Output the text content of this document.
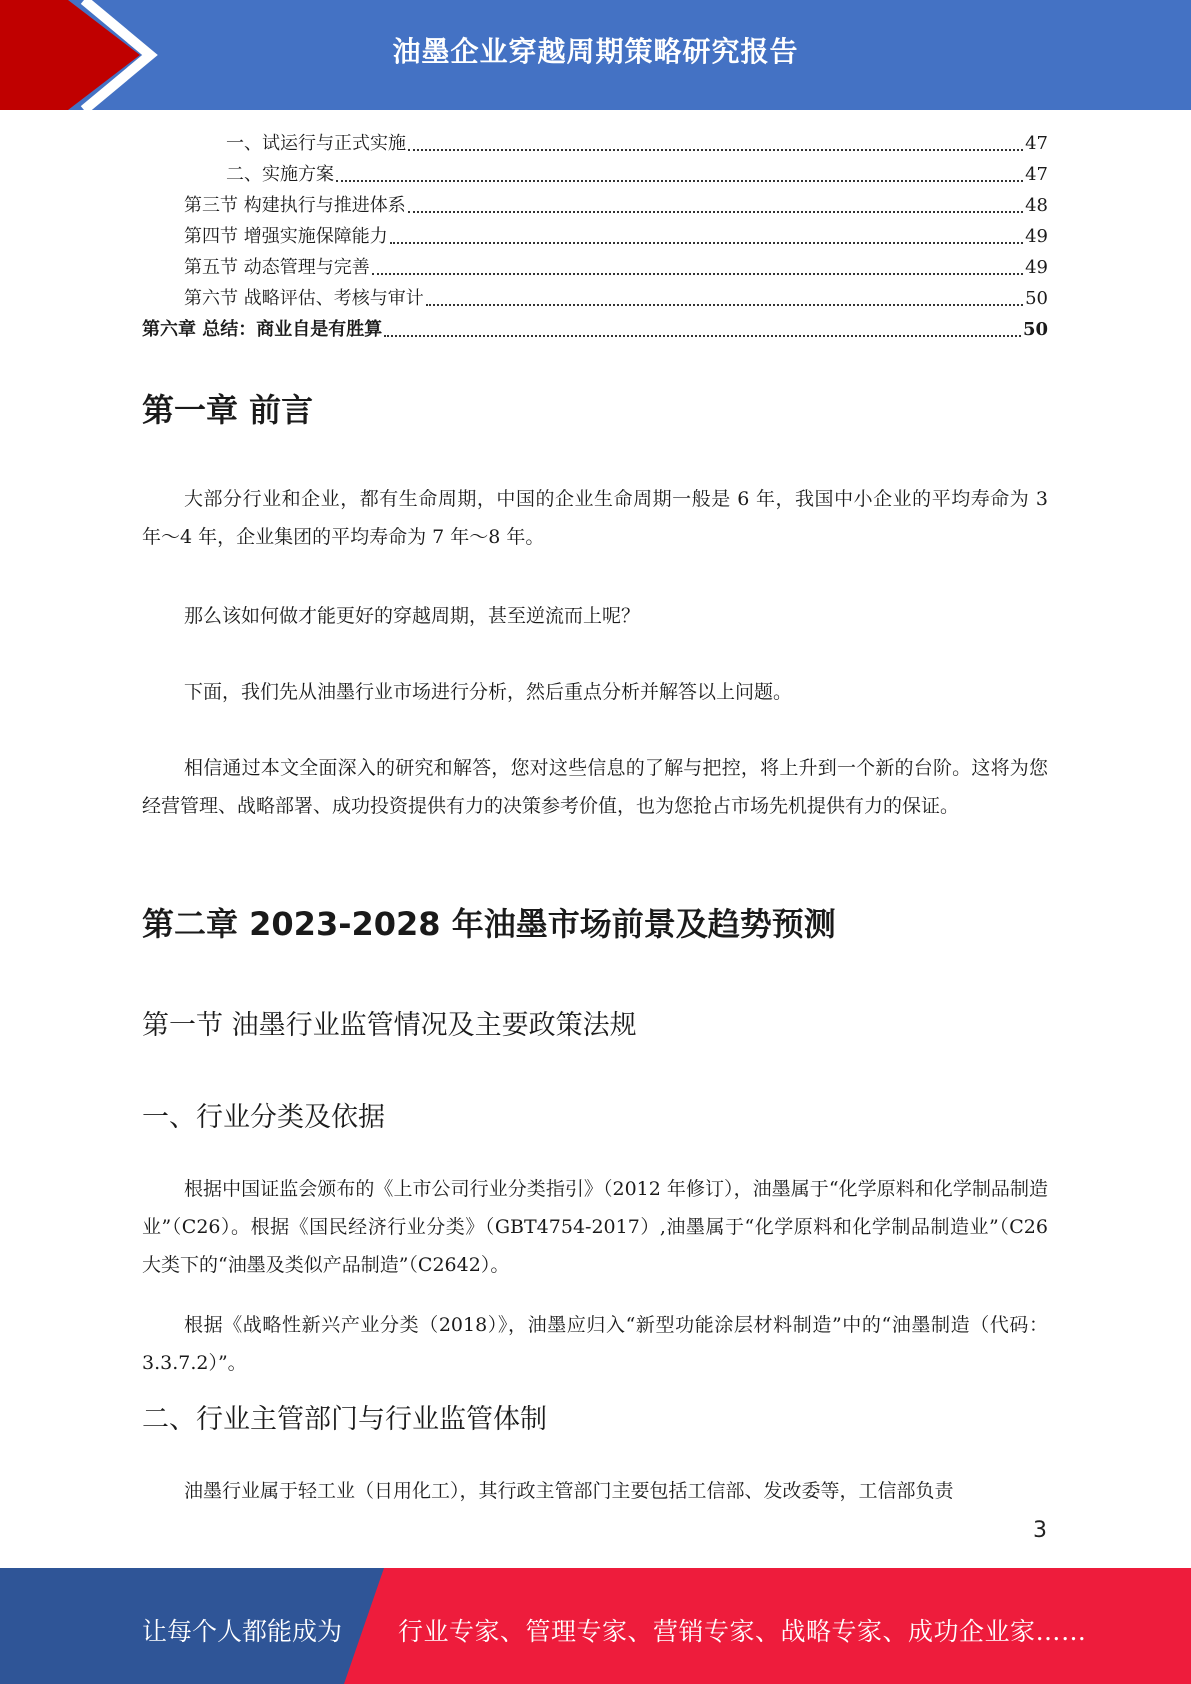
油墨企业穿越周期策略研究报告
一、试运行与正式实施	47
二、实施方案	47
第三节 构建执行与推进体系	48
第四节 增强实施保障能力	49
第五节 动态管理与完善	49
第六节 战略评估、考核与审计	50
第六章 总结：商业自是有胜算	50
第一章 前言

大部分行业和企业，都有生命周期，中国的企业生命周期一般是 6 年，我国中小企业的平均寿命为 3 年～4 年，企业集团的平均寿命为 7 年～8 年。

那么该如何做才能更好的穿越周期，甚至逆流而上呢？

下面，我们先从油墨行业市场进行分析，然后重点分析并解答以上问题。

相信通过本文全面深入的研究和解答，您对这些信息的了解与把控，将上升到一个新的台阶。这将为您经营管理、战略部署、成功投资提供有力的决策参考价值，也为您抢占市场先机提供有力的保证。

第二章 2023-2028 年油墨市场前景及趋势预测
第一节 油墨行业监管情况及主要政策法规
一、行业分类及依据

根据中国证监会颁布的《上市公司行业分类指引》（2012 年修订），油墨属于“化学原料和化学制品制造业”（C26）。根据《国民经济行业分类》（GBT4754-2017）,油墨属于“化学原料和化学制品制造业”（C26 大类下的“油墨及类似产品制造”（C2642）。

根据《战略性新兴产业分类（2018）》，油墨应归入“新型功能涂层材料制造”中的“油墨制造（代码：3.3.7.2）”。

二、行业主管部门与行业监管体制

油墨行业属于轻工业（日用化工），其行政主管部门主要包括工信部、发改委等，工信部负责

3
让每个人都能成为 行业专家、管理专家、营销专家、战略专家、成功企业家……
